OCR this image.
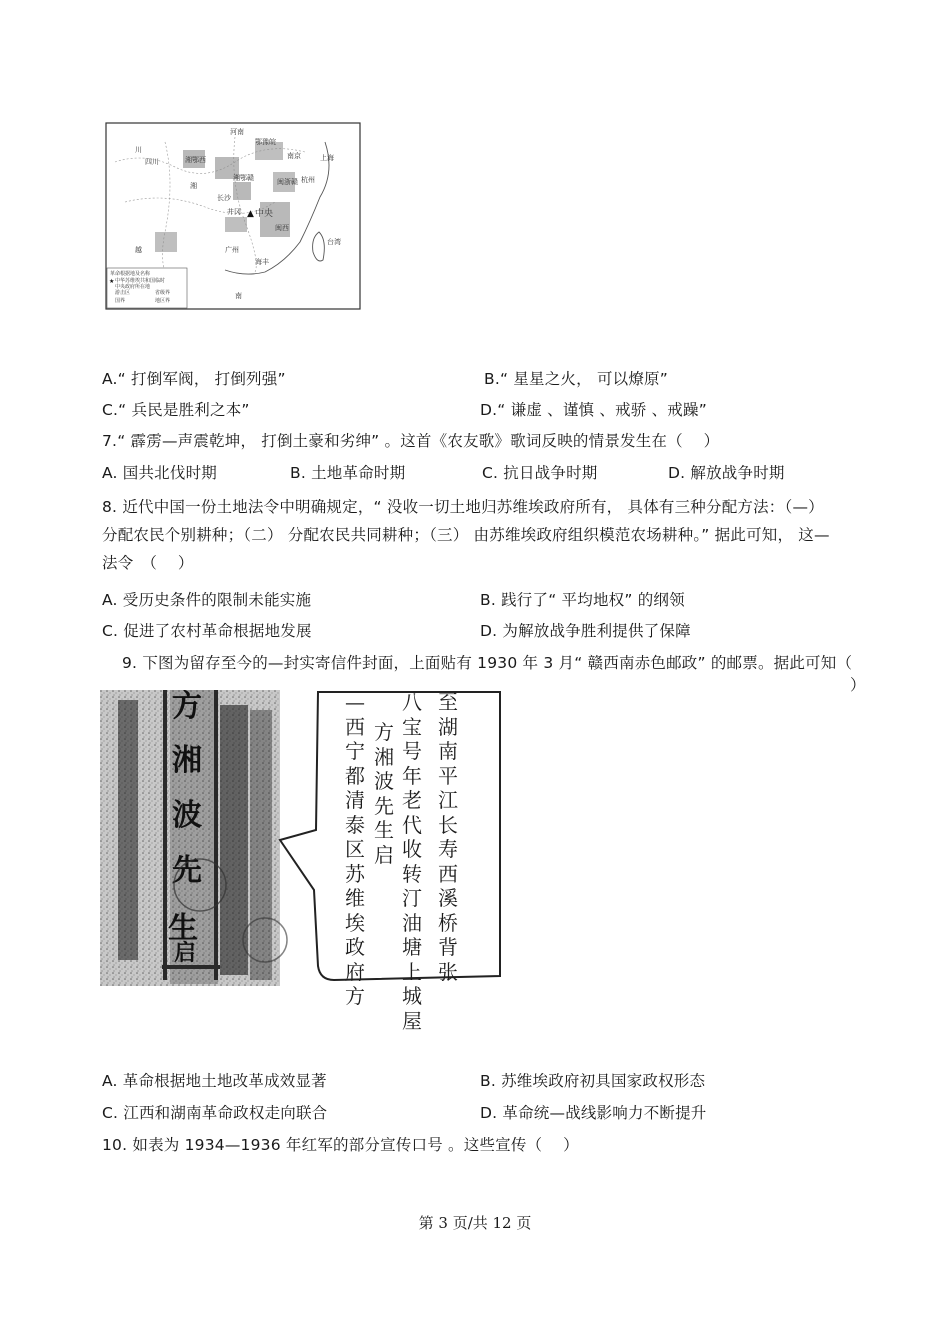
河南
川
四川	湘鄂西
湘
南京	上海
湘鄂赣
鄂豫皖
杭州
长沙
闽浙赣
井冈 中央
闽西
广州
海丰
台湾
南
越
▲
革命根据地及名称
中华苏维埃共和国临时
中央政府所在地
游击区	省级界
国界	地区界
★
A.“ 打倒军阀， 打倒列强”	B.“ 星星之火， 可以燎原”
C.“ 兵民是胜利之本”	D.“ 谦虚 、谨慎 、戒骄 、戒躁”
7.“ 霹雳—声震乾坤， 打倒土豪和劣绅” 。这首《农友歌》歌词反映的情景发生在（　 ）
A. 国共北伐时期	B. 土地革命时期	C. 抗日战争时期	D. 解放战争时期
8. 近代中国一份土地法令中明确规定，“ 没收一切土地归苏维埃政府所有， 具体有三种分配方法：（—）
分配农民个别耕种；（二） 分配农民共同耕种；（三） 由苏维埃政府组织模范农场耕种。” 据此可知， 这—
法令　（　 ）
A. 受历史条件的限制未能实施	B. 践行了“ 平均地权” 的纲领
C. 促进了农村革命根据地发展	D. 为解放战争胜利提供了保障
9. 下图为留存至今的—封实寄信件封面，上面贴有 1930 年 3 月“ 赣西南赤色邮政” 的邮票。据此可知（
）
方
湘
波
先
生
启
至
湖南平江长寿西溪桥背张
八
宝号年老代收转汀油塘上城屋
方湘波先生启
—
西宁都清泰区苏维埃政府方
A. 革命根据地土地改革成效显著	B. 苏维埃政府初具国家政权形态
C. 江西和湖南革命政权走向联合	D. 革命统—战线影响力不断提升
10. 如表为 1934—1936 年红军的部分宣传口号 。这些宣传（　 ）
第 3 页/共 12 页
